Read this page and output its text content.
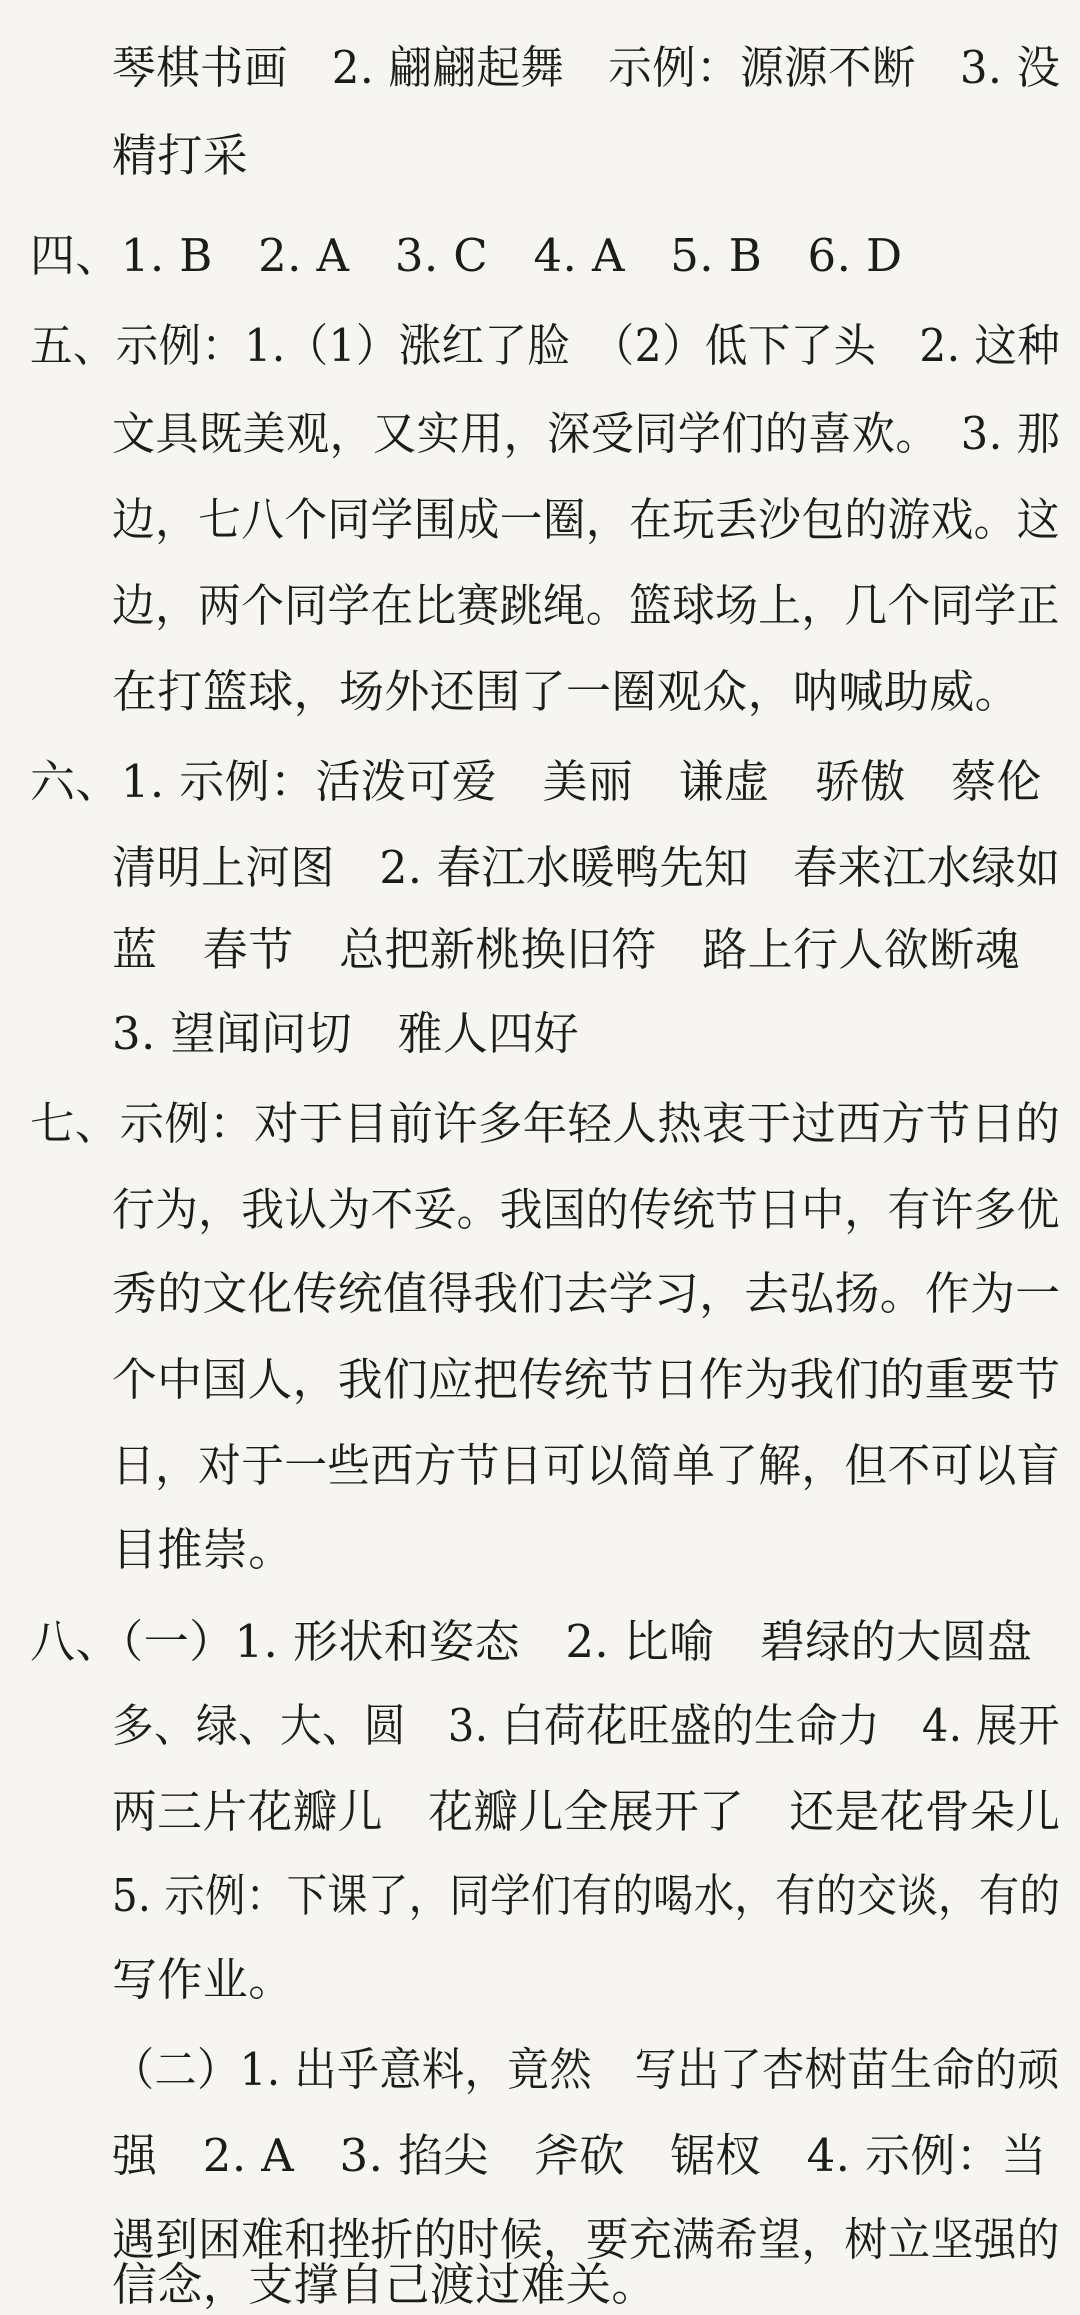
琴棋书画　2. 翩翩起舞　示例：源源不断　3. 没
精打采
四、1. B　2. A　3. C　4. A　5. B　6. D
五、示例：1.（1）涨红了脸　（2）低下了头　2. 这种
文具既美观，又实用，深受同学们的喜欢。　3. 那
边，七八个同学围成一圈，在玩丢沙包的游戏。这
边，两个同学在比赛跳绳。篮球场上，几个同学正
在打篮球，场外还围了一圈观众，呐喊助威。
六、1. 示例：活泼可爱　美丽　谦虚　骄傲　蔡伦
清明上河图　2. 春江水暖鸭先知　春来江水绿如
蓝　春节　总把新桃换旧符　路上行人欲断魂
3. 望闻问切　雅人四好
七、示例：对于目前许多年轻人热衷于过西方节日的
行为，我认为不妥。我国的传统节日中，有许多优
秀的文化传统值得我们去学习，去弘扬。作为一
个中国人，我们应把传统节日作为我们的重要节
日，对于一些西方节日可以简单了解，但不可以盲
目推崇。
八、（一）1. 形状和姿态　2. 比喻　碧绿的大圆盘
多、绿、大、圆　3. 白荷花旺盛的生命力　4. 展开
两三片花瓣儿　花瓣儿全展开了　还是花骨朵儿
5. 示例：下课了，同学们有的喝水，有的交谈，有的
写作业。
（二）1. 出乎意料，竟然　写出了杏树苗生命的顽
强　2. A　3. 掐尖　斧砍　锯杈　4. 示例：当
遇到困难和挫折的时候，要充满希望，树立坚强的
信念，支撑自己渡过难关。
